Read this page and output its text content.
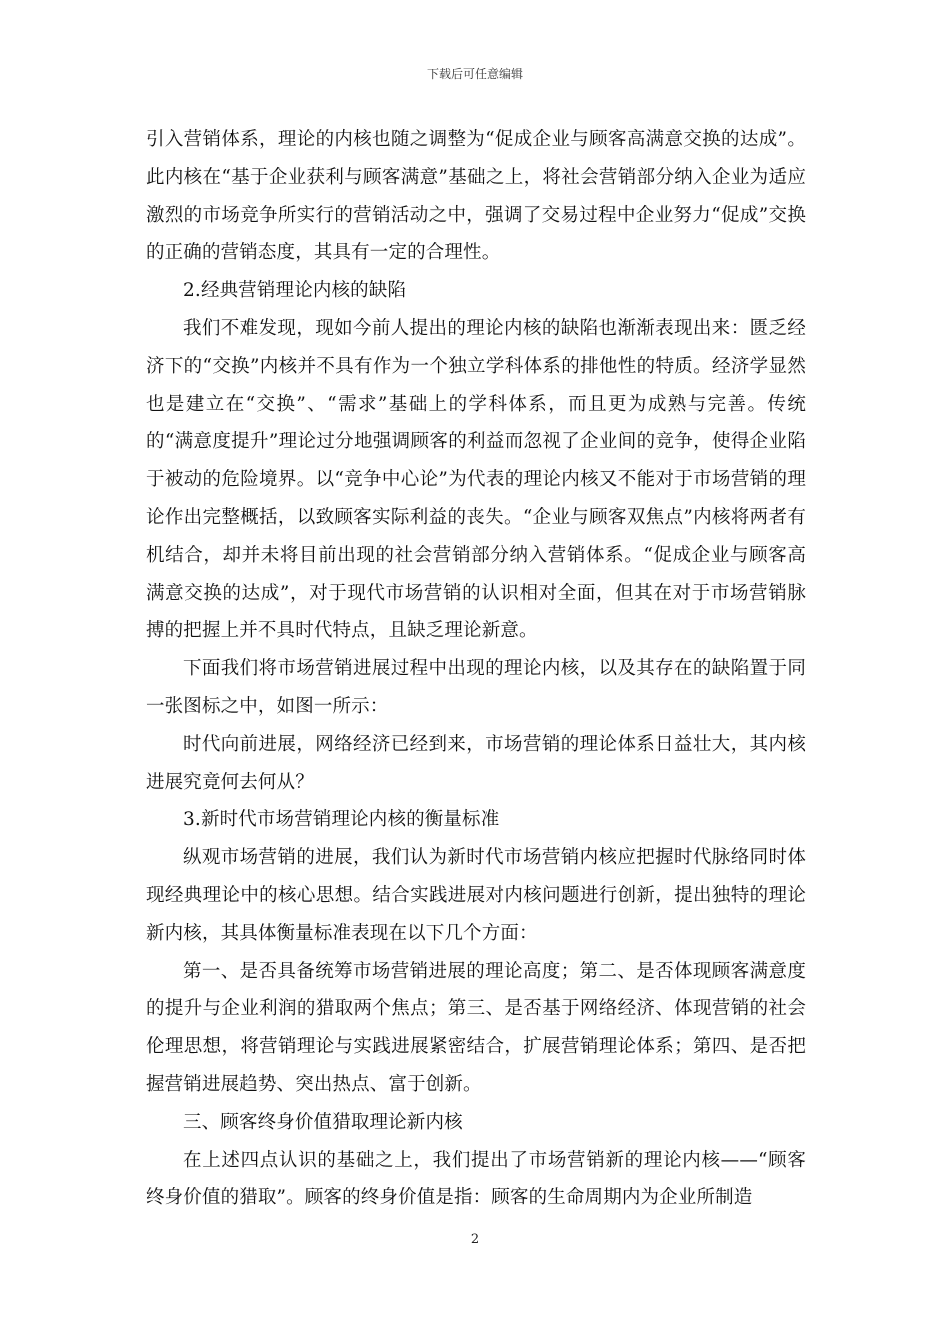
下载后可任意编辑

引入营销体系，理论的内核也随之调整为“促成企业与顾客高满意交换的达成”。此内核在“基于企业获利与顾客满意”基础之上，将社会营销部分纳入企业为适应激烈的市场竞争所实行的营销活动之中，强调了交易过程中企业努力“促成”交换的正确的营销态度，其具有一定的合理性。

2.经典营销理论内核的缺陷

我们不难发现，现如今前人提出的理论内核的缺陷也渐渐表现出来：匮乏经济下的“交换”内核并不具有作为一个独立学科体系的排他性的特质。经济学显然也是建立在“交换”、“需求”基础上的学科体系，而且更为成熟与完善。传统的“满意度提升”理论过分地强调顾客的利益而忽视了企业间的竞争，使得企业陷于被动的危险境界。以“竞争中心论”为代表的理论内核又不能对于市场营销的理论作出完整概括，以致顾客实际利益的丧失。“企业与顾客双焦点”内核将两者有机结合，却并未将目前出现的社会营销部分纳入营销体系。“促成企业与顾客高满意交换的达成”，对于现代市场营销的认识相对全面，但其在对于市场营销脉搏的把握上并不具时代特点，且缺乏理论新意。

下面我们将市场营销进展过程中出现的理论内核，以及其存在的缺陷置于同一张图标之中，如图一所示：

时代向前进展，网络经济已经到来，市场营销的理论体系日益壮大，其内核进展究竟何去何从？

3.新时代市场营销理论内核的衡量标准

纵观市场营销的进展，我们认为新时代市场营销内核应把握时代脉络同时体现经典理论中的核心思想。结合实践进展对内核问题进行创新，提出独特的理论新内核，其具体衡量标准表现在以下几个方面：

第一、是否具备统筹市场营销进展的理论高度；第二、是否体现顾客满意度的提升与企业利润的猎取两个焦点；第三、是否基于网络经济、体现营销的社会伦理思想，将营销理论与实践进展紧密结合，扩展营销理论体系；第四、是否把握营销进展趋势、突出热点、富于创新。

三、顾客终身价值猎取理论新内核

在上述四点认识的基础之上，我们提出了市场营销新的理论内核——“顾客终身价值的猎取”。顾客的终身价值是指：顾客的生命周期内为企业所制造

2
